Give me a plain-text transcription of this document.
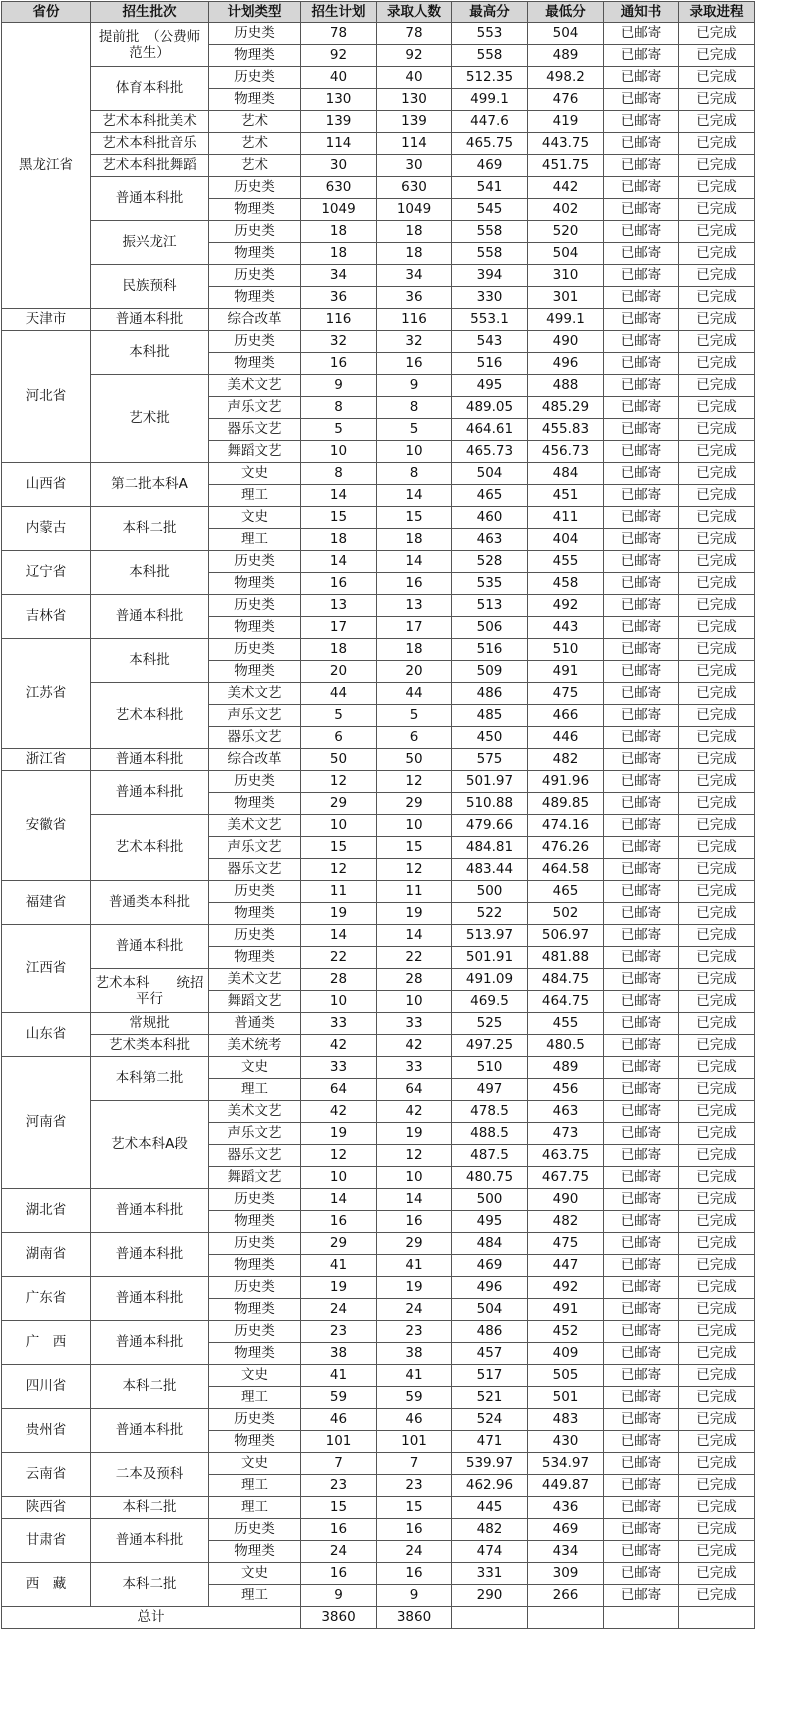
省份	招生批次	计划类型	招生计划	录取人数	最高分	最低分	通知书	录取进程
黑龙江省	提前批　（公费师范生）	历史类	78	78	553	504	已邮寄	已完成
		物理类	92	92	558	489	已邮寄	已完成
	体育本科批	历史类	40	40	512.35	498.2	已邮寄	已完成
		物理类	130	130	499.1	476	已邮寄	已完成
	艺术本科批美术	艺术	139	139	447.6	419	已邮寄	已完成
	艺术本科批音乐	艺术	114	114	465.75	443.75	已邮寄	已完成
	艺术本科批舞蹈	艺术	30	30	469	451.75	已邮寄	已完成
	普通本科批	历史类	630	630	541	442	已邮寄	已完成
		物理类	1049	1049	545	402	已邮寄	已完成
	振兴龙江	历史类	18	18	558	520	已邮寄	已完成
		物理类	18	18	558	504	已邮寄	已完成
	民族预科	历史类	34	34	394	310	已邮寄	已完成
		物理类	36	36	330	301	已邮寄	已完成
天津市	普通本科批	综合改革	116	116	553.1	499.1	已邮寄	已完成
河北省	本科批	历史类	32	32	543	490	已邮寄	已完成
		物理类	16	16	516	496	已邮寄	已完成
	艺术批	美术文艺	9	9	495	488	已邮寄	已完成
		声乐文艺	8	8	489.05	485.29	已邮寄	已完成
		器乐文艺	5	5	464.61	455.83	已邮寄	已完成
		舞蹈文艺	10	10	465.73	456.73	已邮寄	已完成
山西省	第二批本科A	文史	8	8	504	484	已邮寄	已完成
		理工	14	14	465	451	已邮寄	已完成
内蒙古	本科二批	文史	15	15	460	411	已邮寄	已完成
		理工	18	18	463	404	已邮寄	已完成
辽宁省	本科批	历史类	14	14	528	455	已邮寄	已完成
		物理类	16	16	535	458	已邮寄	已完成
吉林省	普通本科批	历史类	13	13	513	492	已邮寄	已完成
		物理类	17	17	506	443	已邮寄	已完成
江苏省	本科批	历史类	18	18	516	510	已邮寄	已完成
		物理类	20	20	509	491	已邮寄	已完成
	艺术本科批	美术文艺	44	44	486	475	已邮寄	已完成
		声乐文艺	5	5	485	466	已邮寄	已完成
		器乐文艺	6	6	450	446	已邮寄	已完成
浙江省	普通本科批	综合改革	50	50	575	482	已邮寄	已完成
安徽省	普通本科批	历史类	12	12	501.97	491.96	已邮寄	已完成
		物理类	29	29	510.88	489.85	已邮寄	已完成
	艺术本科批	美术文艺	10	10	479.66	474.16	已邮寄	已完成
		声乐文艺	15	15	484.81	476.26	已邮寄	已完成
		器乐文艺	12	12	483.44	464.58	已邮寄	已完成
福建省	普通类本科批	历史类	11	11	500	465	已邮寄	已完成
		物理类	19	19	522	502	已邮寄	已完成
江西省	普通本科批	历史类	14	14	513.97	506.97	已邮寄	已完成
		物理类	22	22	501.91	481.88	已邮寄	已完成
	艺术本科　　统招平行	美术文艺	28	28	491.09	484.75	已邮寄	已完成
		舞蹈文艺	10	10	469.5	464.75	已邮寄	已完成
山东省	常规批	普通类	33	33	525	455	已邮寄	已完成
	艺术类本科批	美术统考	42	42	497.25	480.5	已邮寄	已完成
河南省	本科第二批	文史	33	33	510	489	已邮寄	已完成
		理工	64	64	497	456	已邮寄	已完成
	艺术本科A段	美术文艺	42	42	478.5	463	已邮寄	已完成
		声乐文艺	19	19	488.5	473	已邮寄	已完成
		器乐文艺	12	12	487.5	463.75	已邮寄	已完成
		舞蹈文艺	10	10	480.75	467.75	已邮寄	已完成
湖北省	普通本科批	历史类	14	14	500	490	已邮寄	已完成
		物理类	16	16	495	482	已邮寄	已完成
湖南省	普通本科批	历史类	29	29	484	475	已邮寄	已完成
		物理类	41	41	469	447	已邮寄	已完成
广东省	普通本科批	历史类	19	19	496	492	已邮寄	已完成
		物理类	24	24	504	491	已邮寄	已完成
广　西	普通本科批	历史类	23	23	486	452	已邮寄	已完成
		物理类	38	38	457	409	已邮寄	已完成
四川省	本科二批	文史	41	41	517	505	已邮寄	已完成
		理工	59	59	521	501	已邮寄	已完成
贵州省	普通本科批	历史类	46	46	524	483	已邮寄	已完成
		物理类	101	101	471	430	已邮寄	已完成
云南省	二本及预科	文史	7	7	539.97	534.97	已邮寄	已完成
		理工	23	23	462.96	449.87	已邮寄	已完成
陕西省	本科二批	理工	15	15	445	436	已邮寄	已完成
甘肃省	普通本科批	历史类	16	16	482	469	已邮寄	已完成
		物理类	24	24	474	434	已邮寄	已完成
西　藏	本科二批	文史	16	16	331	309	已邮寄	已完成
		理工	9	9	290	266	已邮寄	已完成
总计			3860	3860				
